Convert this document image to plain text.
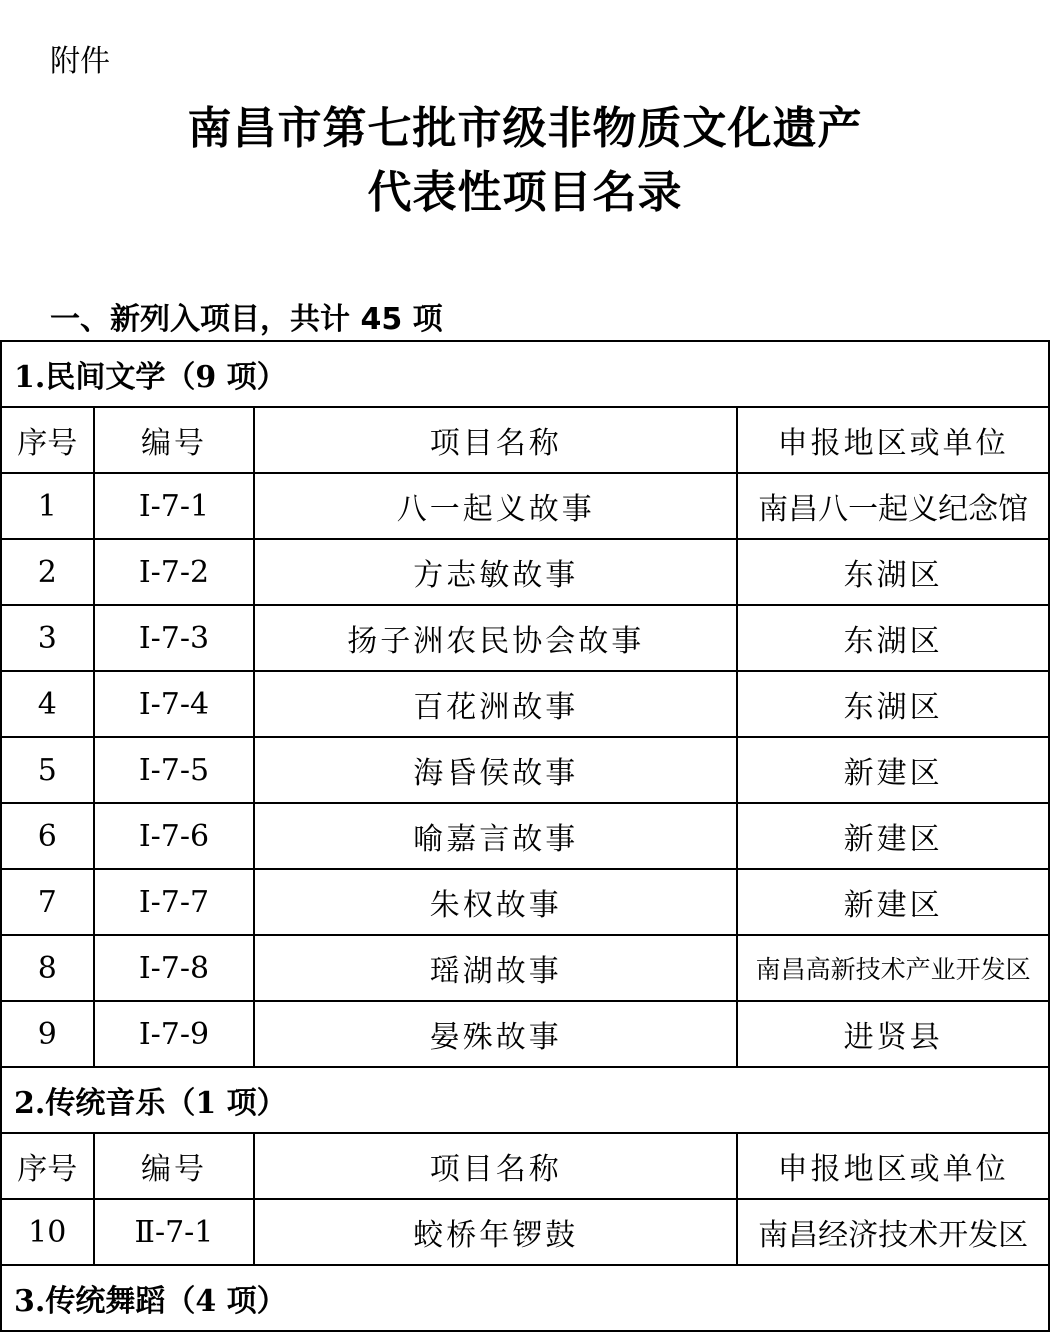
附件
南昌市第七批市级非物质文化遗产
代表性项目名录
一、新列入项目，共计 45 项
1.民间文学（9 项）			
序号	编号	项目名称	申报地区或单位
1	Ⅰ-7-1	八一起义故事	南昌八一起义纪念馆
2	Ⅰ-7-2	方志敏故事	东湖区
3	Ⅰ-7-3	扬子洲农民协会故事	东湖区
4	Ⅰ-7-4	百花洲故事	东湖区
5	Ⅰ-7-5	海昏侯故事	新建区
6	Ⅰ-7-6	喻嘉言故事	新建区
7	Ⅰ-7-7	朱权故事	新建区
8	Ⅰ-7-8	瑶湖故事	南昌高新技术产业开发区
9	Ⅰ-7-9	晏殊故事	进贤县
2.传统音乐（1 项）			
序号	编号	项目名称	申报地区或单位
10	Ⅱ-7-1	蛟桥年锣鼓	南昌经济技术开发区
3.传统舞蹈（4 项）			
